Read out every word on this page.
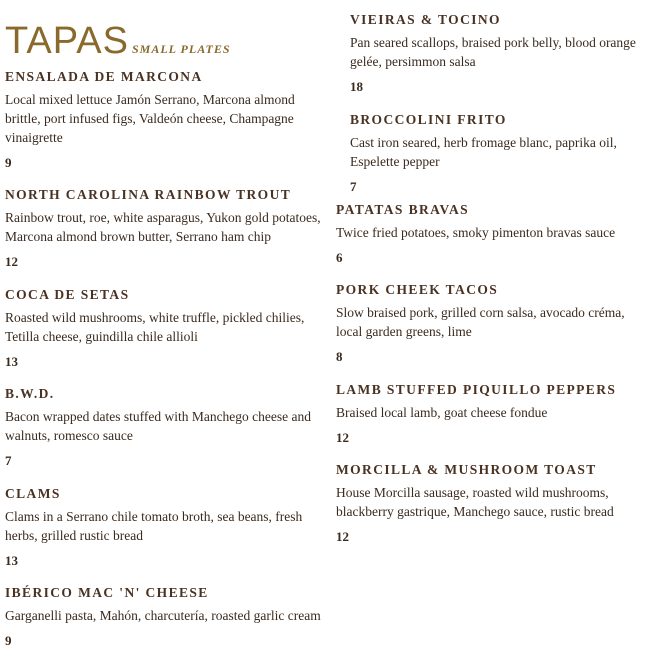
TAPAS SMALL PLATES
ENSALADA DE MARCONA
Local mixed lettuce Jamón Serrano, Marcona almond brittle, port infused figs, Valdeón cheese, Champagne vinaigrette
9
NORTH CAROLINA RAINBOW TROUT
Rainbow trout, roe, white asparagus, Yukon gold potatoes, Marcona almond brown butter, Serrano ham chip
12
COCA DE SETAS
Roasted wild mushrooms, white truffle, pickled chilies, Tetilla cheese, guindilla chile allioli
13
B.W.D.
Bacon wrapped dates stuffed with Manchego cheese and walnuts, romesco sauce
7
CLAMS
Clams in a Serrano chile tomato broth, sea beans, fresh herbs, grilled rustic bread
13
IBÉRICO MAC 'N' CHEESE
Garganelli pasta, Mahón, charcutería, roasted garlic cream
9
VIEIRAS & TOCINO
Pan seared scallops, braised pork belly, blood orange gelée, persimmon salsa
18
BROCCOLINI FRITO
Cast iron seared, herb fromage blanc, paprika oil, Espelette pepper
7
PATATAS BRAVAS
Twice fried potatoes, smoky pimenton bravas sauce
6
PORK CHEEK TACOS
Slow braised pork, grilled corn salsa, avocado créma, local garden greens, lime
8
LAMB STUFFED PIQUILLO PEPPERS
Braised local lamb, goat cheese fondue
12
MORCILLA & MUSHROOM TOAST
House Morcilla sausage, roasted wild mushrooms, blackberry gastrique, Manchego sauce, rustic bread
12
